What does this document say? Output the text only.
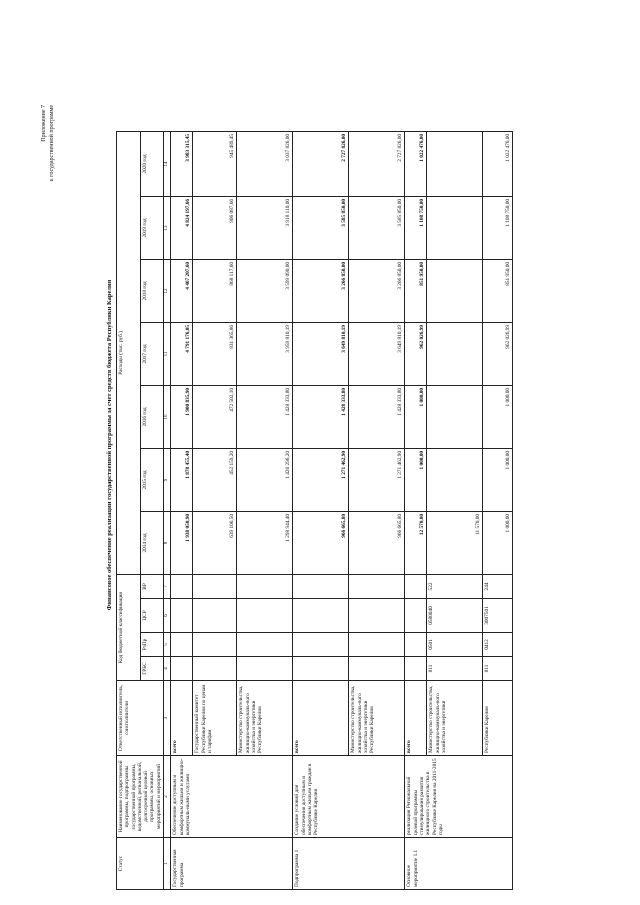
Приложение 7 к государственной программе
Финансовое обеспечение реализации государственной программы за счет средств бюджета Республики Карелия
Статус	Наименование государственной программы, подпрограммы государственной программы, ведомственной, региональной, долгосрочной целевой программы, основных мероприятий и мероприятий	Ответственный исполнитель, соисполнители	Код бюджетной классификации				Расходы (тыс. руб.)						
			ГРБС	РзПр	ЦСР	ВР	2014 год	2015 год	2016 год	2017 год	2018 год	2019 год	2020 год
1	2	3	4	5	6	7	8	9	10	11	12	13	14
Государственная программа	Обеспечение доступным и комфортным жильем и жилищно-коммуналь-ными услугами	всего					1 938 050,90	1 878 455,40	1 900 835,90	4 791 176,05	4 467 207,60	4 824 197,66	3 983 315,45
		Государственный комитет Республики Карелия по ценам и тарифам					639 106,50	452 159,20	472 502,10	831 365,86	868 117,60	906 087,66	945 489,45
		Министерство строительства, жилищно-коммуналь-ного хозяйства и энергетики Республики Карелия					1 298 944,40	1 426 296,20	1 428 333,80	3 959 810,19	3 599 090,00	3 918 110,00	3 037 826,00
Подпрограмма 1	Создание условий для обеспечения доступным и комфортным жильем граждан в Республике Карелия	всего					966 665,80	1 271 462,90	1 428 333,80	3 649 810,19	3 266 850,00	3 585 850,00	2 727 826,00
		Министерство строительства, жилищно-коммуналь-ного хозяйства и энергетики Республики Карелия					966 665,80	1 271 462,90	1 428 333,80	3 649 810,19	3 266 850,00	3 585 850,00	2 727 826,00
Основное мероприятие 1.1	реализация Региональной целевой программы стимулирования развития жилищного строительства в Республике Карелия на 2011-2015 годы	всего					12 570,00	1 000,00	1 000,00	962 026,99	851 950,00	1 108 750,00	1 022 476,00
		Министерство строительства, жилищно-коммуналь-ного хозяйства и энергетики	811	0501	0580040	522	11 570,00						
		Республики Карелия	811	0412	3007501	244	1 000,00	1 000,00	1 000,00	962 026,99	851 950,00	1 108 750,00	1 022 476,00
